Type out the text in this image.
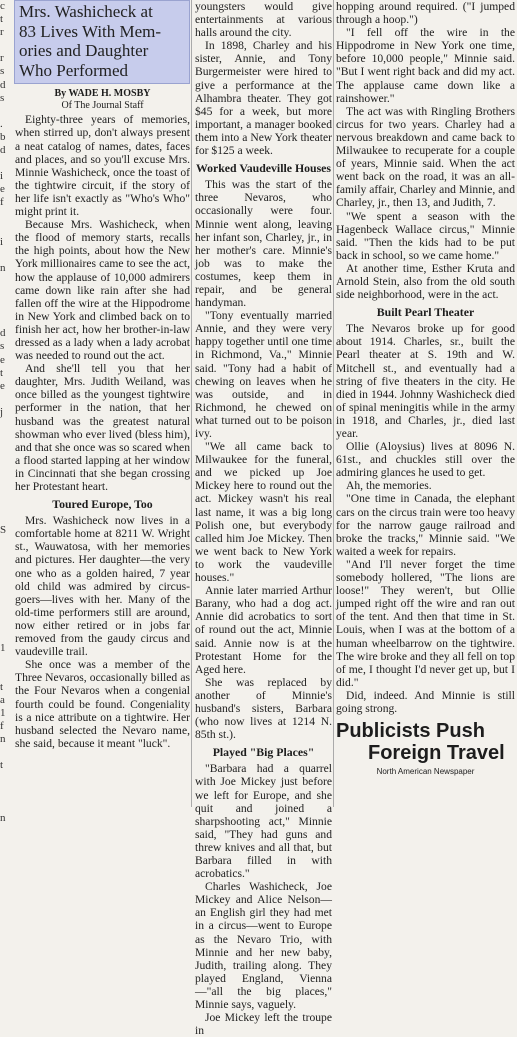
c
t
r
r
s
d
s
.
b
d
i
e
f
i
n
d
s
e
t
e
j
S
1
t
a
1
f
n
t
n
Mrs. Washicheck at
83 Lives With Mem-
ories and Daughter
Who Performed
By WADE H. MOSBY
Of The Journal Staff

Eighty-three years of memories, when stirred up, don't always present a neat catalog of names, dates, faces and places, and so you'll excuse Mrs. Minnie Washicheck, once the toast of the tightwire circuit, if the story of her life isn't exactly as "Who's Who" might print it.

Because Mrs. Washicheck, when the flood of memory starts, recalls the high points, about how the New York millionaires came to see the act, how the applause of 10,000 admirers came down like rain after she had fallen off the wire at the Hippodrome in New York and climbed back on to finish her act, how her brother-in-law dressed as a lady when a lady acrobat was needed to round out the act.

And she'll tell you that her daughter, Mrs. Judith Weiland, was once billed as the youngest tightwire performer in the nation, that her husband was the greatest natural showman who ever lived (bless him), and that she once was so scared when a flood started lapping at her window in Cincinnati that she began crossing her Protestant heart.

Toured Europe, Too

Mrs. Washicheck now lives in a comfortable home at 8211 W. Wright st., Wauwatosa, with her memories and pictures. Her daughter—the very one who as a golden haired, 7 year old child was admired by circus-goers—lives with her. Many of the old-time performers still are around, now either retired or in jobs far removed from the gaudy circus and vaudeville trail.

She once was a member of the Three Nevaros, occasionally billed as the Four Nevaros when a congenial fourth could be found. Congeniality is a nice attribute on a tightwire. Her husband selected the Nevaro name, she said, because it meant "luck".

youngsters would give entertainments at various halls around the city.

In 1898, Charley and his sister, Annie, and Tony Burgermeister were hired to give a performance at the Alhambra theater. They got $45 for a week, but more important, a manager booked them into a New York theater for $125 a week.

Worked Vaudeville Houses

This was the start of the three Nevaros, who occasionally were four. Minnie went along, leaving her infant son, Charley, jr., in her mother's care. Minnie's job was to make the costumes, keep them in repair, and be general handyman.

"Tony eventually married Annie, and they were very happy together until one time in Richmond, Va.," Minnie said. "Tony had a habit of chewing on leaves when he was outside, and in Richmond, he chewed on what turned out to be poison ivy.

"We all came back to Milwaukee for the funeral, and we picked up Joe Mickey here to round out the act. Mickey wasn't his real last name, it was a big long Polish one, but everybody called him Joe Mickey. Then we went back to New York to work the vaudeville houses."

Annie later married Arthur Barany, who had a dog act. Annie did acrobatics to sort of round out the act, Minnie said. Annie now is at the Protestant Home for the Aged here.

She was replaced by another of Minnie's husband's sisters, Barbara (who now lives at 1214 N. 85th st.).

Played "Big Places"

"Barbara had a quarrel with Joe Mickey just before we left for Europe, and she quit and joined a sharpshooting act," Minnie said, "They had guns and threw knives and all that, but Barbara filled in with acrobatics."

Charles Washicheck, Joe Mickey and Alice Nelson—an English girl they had met in a circus—went to Europe as the Nevaro Trio, with Minnie and her new baby, Judith, trailing along. They played England, Vienna—"all the big places," Minnie says, vaguely.

Joe Mickey left the troupe in

hopping around required. ("I jumped through a hoop.")

"I fell off the wire in the Hippodrome in New York one time, before 10,000 people," Minnie said. "But I went right back and did my act. The applause came down like a rainshower."

The act was with Ringling Brothers circus for two years. Charley had a nervous breakdown and came back to Milwaukee to recuperate for a couple of years, Minnie said. When the act went back on the road, it was an all-family affair, Charley and Minnie, and Charley, jr., then 13, and Judith, 7.

"We spent a season with the Hagenbeck Wallace circus," Minnie said. "Then the kids had to be put back in school, so we came home."

At another time, Esther Kruta and Arnold Stein, also from the old south side neighborhood, were in the act.

Built Pearl Theater

The Nevaros broke up for good about 1914. Charles, sr., built the Pearl theater at S. 19th and W. Mitchell st., and eventually had a string of five theaters in the city. He died in 1944. Johnny Washicheck died of spinal meningitis while in the army in 1918, and Charles, jr., died last year.

Ollie (Aloysius) lives at 8096 N. 61st., and chuckles still over the admiring glances he used to get.

Ah, the memories.

"One time in Canada, the elephant cars on the circus train were too heavy for the narrow gauge railroad and broke the tracks," Minnie said. "We waited a week for repairs.

"And I'll never forget the time somebody hollered, "The lions are loose!" They weren't, but Ollie jumped right off the wire and ran out of the tent. And then that time in St. Louis, when I was at the bottom of a human wheelbarrow on the tightwire. The wire broke and they all fell on top of me, I thought I'd never get up, but I did."

Did, indeed. And Minnie is still going strong.

Publicists Push
Foreign Travel
North American Newspaper
